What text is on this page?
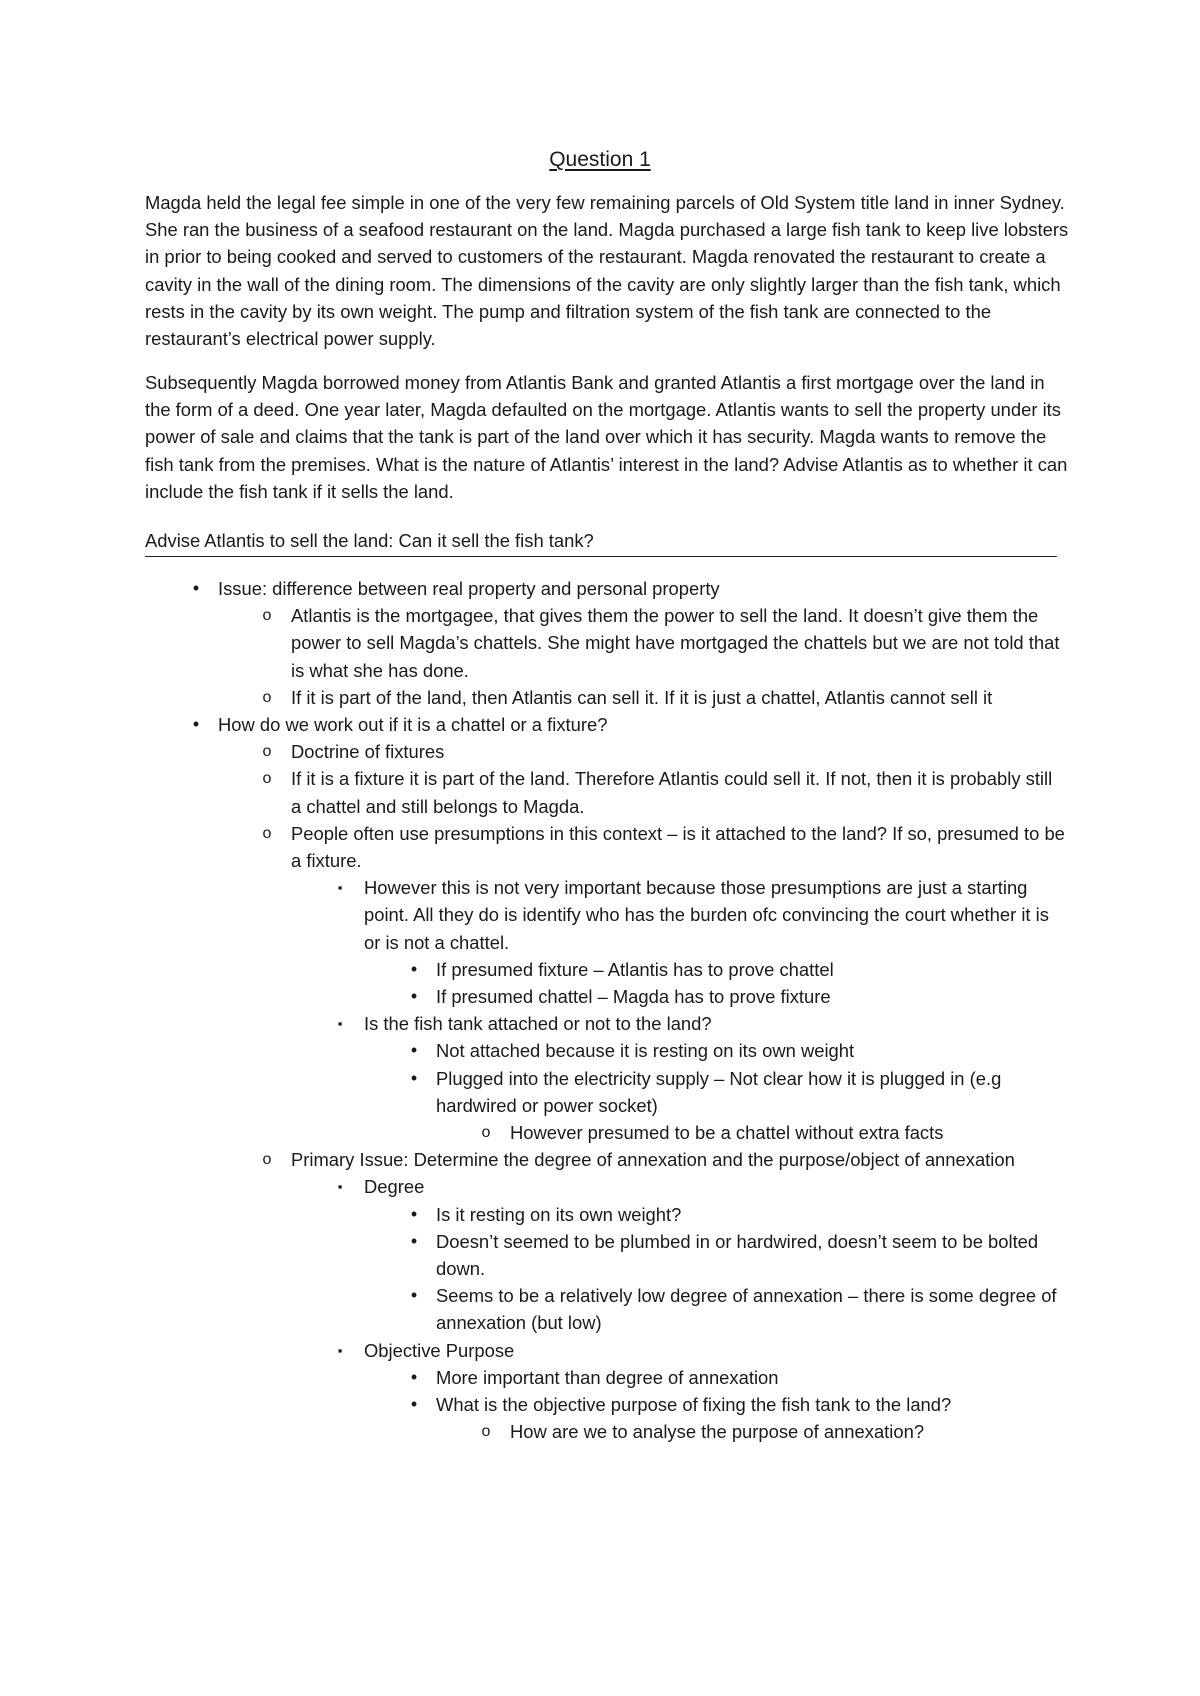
Question 1

Magda held the legal fee simple in one of the very few remaining parcels of Old System title land in inner Sydney. She ran the business of a seafood restaurant on the land. Magda purchased a large fish tank to keep live lobsters in prior to being cooked and served to customers of the restaurant. Magda renovated the restaurant to create a cavity in the wall of the dining room. The dimensions of the cavity are only slightly larger than the fish tank, which rests in the cavity by its own weight. The pump and filtration system of the fish tank are connected to the restaurant’s electrical power supply.

Subsequently Magda borrowed money from Atlantis Bank and granted Atlantis a first mortgage over the land in the form of a deed. One year later, Magda defaulted on the mortgage. Atlantis wants to sell the property under its power of sale and claims that the tank is part of the land over which it has security. Magda wants to remove the fish tank from the premises. What is the nature of Atlantis’ interest in the land? Advise Atlantis as to whether it can include the fish tank if it sells the land.

Advise Atlantis to sell the land: Can it sell the fish tank?

•	Issue: difference between real property and personal property
o	Atlantis is the mortgagee, that gives them the power to sell the land. It doesn’t give them the power to sell Magda’s chattels. She might have mortgaged the chattels but we are not told that is what she has done.
o	If it is part of the land, then Atlantis can sell it. If it is just a chattel, Atlantis cannot sell it
•	How do we work out if it is a chattel or a fixture?
o	Doctrine of fixtures
o	If it is a fixture it is part of the land. Therefore Atlantis could sell it. If not, then it is probably still a chattel and still belongs to Magda.
o	People often use presumptions in this context – is it attached to the land? If so, presumed to be a fixture.
▪	However this is not very important because those presumptions are just a starting point. All they do is identify who has the burden ofc convincing the court whether it is or is not a chattel.
•	If presumed fixture – Atlantis has to prove chattel
•	If presumed chattel – Magda has to prove fixture
▪	Is the fish tank attached or not to the land?
•	Not attached because it is resting on its own weight
•	Plugged into the electricity supply – Not clear how it is plugged in (e.g hardwired or power socket)
o	However presumed to be a chattel without extra facts
o	Primary Issue: Determine the degree of annexation and the purpose/object of annexation
▪	Degree
•	Is it resting on its own weight?
•	Doesn’t seemed to be plumbed in or hardwired, doesn’t seem to be bolted down.
•	Seems to be a relatively low degree of annexation – there is some degree of annexation (but low)
▪	Objective Purpose
•	More important than degree of annexation
•	What is the objective purpose of fixing the fish tank to the land?
o	How are we to analyse the purpose of annexation?
